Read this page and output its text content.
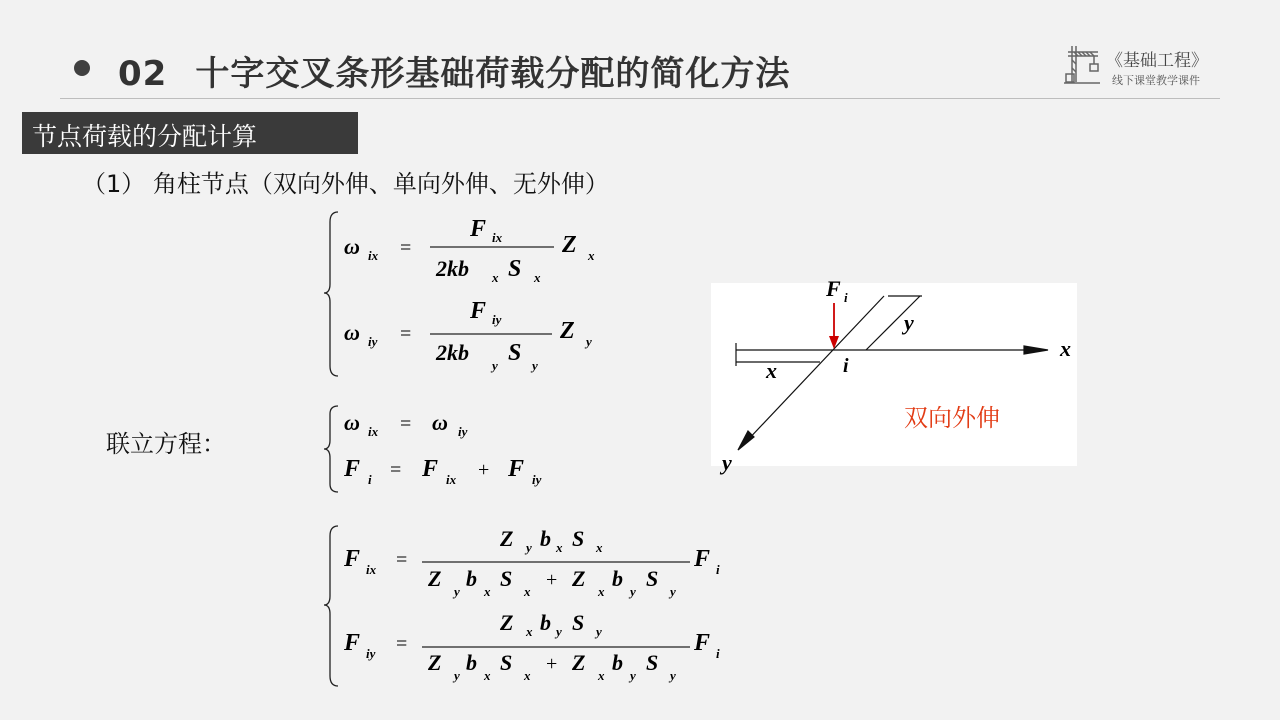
02 十字交叉条形基础荷载分配的简化方法	《基础工程》
线下课堂教学课件
节点荷载的分配计算
（1） 角柱节点（双向外伸、单向外伸、无外伸）
联立方程：
ω ix =
F ix
2kb x S x
Z x
ω iy =
F iy
2kb
y S y
Z y
ω ix = ω iy
F i = F ix + F iy
F ix =
Z y b x S x
Z
y
b
x
S
x
+ Z
x
b
y
S
y
F i
F iy =
Z x b y S y
Z
y
b
x
S
x
+ Z
x
b
y
S
y
F i
F i
i
x
y
x
y
双向外伸
